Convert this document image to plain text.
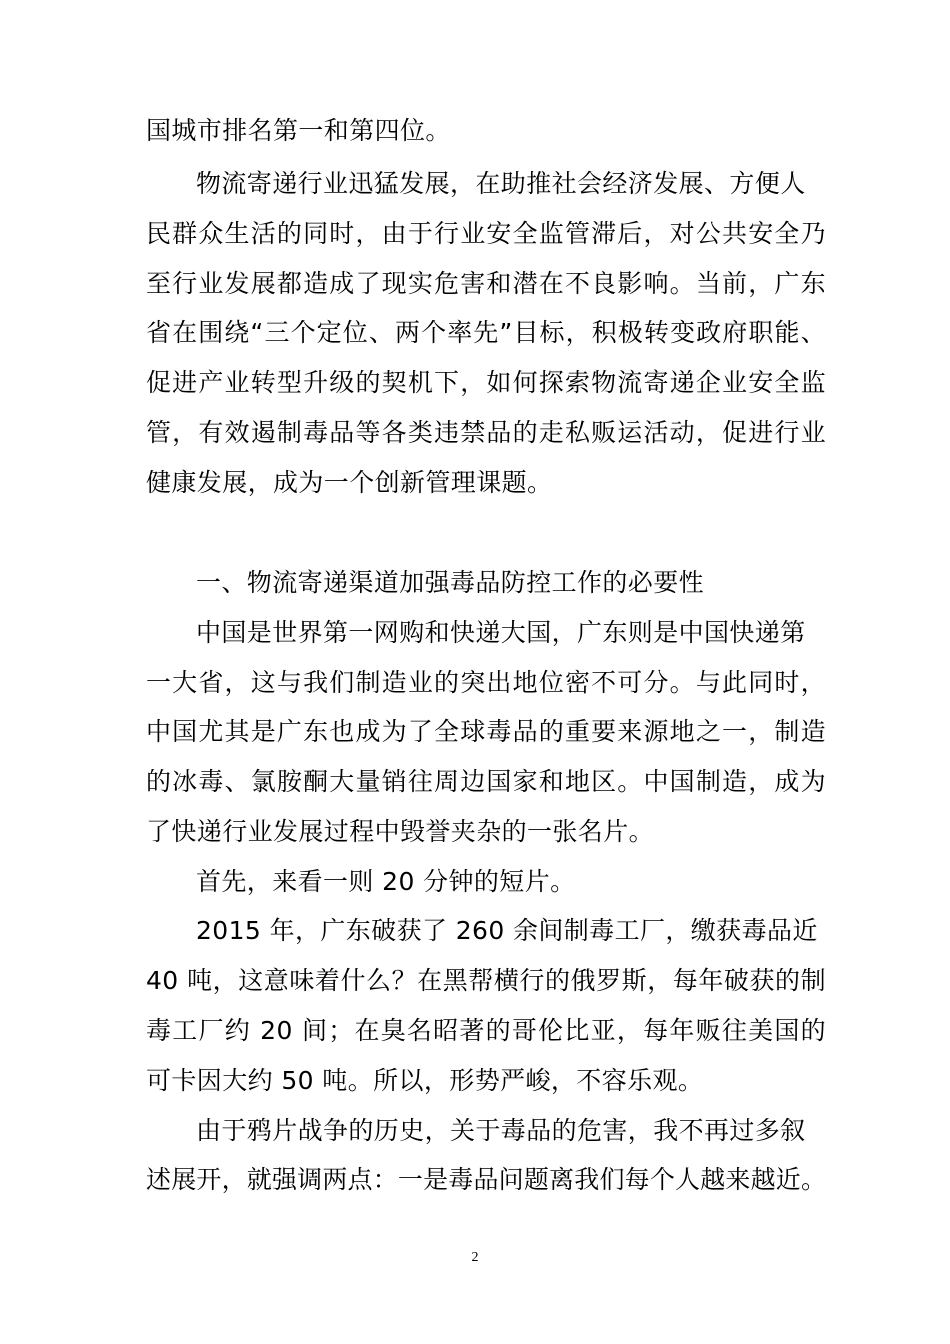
国城市排名第一和第四位。
物流寄递行业迅猛发展，在助推社会经济发展、方便人
民群众生活的同时，由于行业安全监管滞后，对公共安全乃
至行业发展都造成了现实危害和潜在不良影响。当前，广东
省在围绕“三个定位、两个率先”目标，积极转变政府职能、
促进产业转型升级的契机下，如何探索物流寄递企业安全监
管，有效遏制毒品等各类违禁品的走私贩运活动，促进行业
健康发展，成为一个创新管理课题。
一、物流寄递渠道加强毒品防控工作的必要性
中国是世界第一网购和快递大国，广东则是中国快递第
一大省，这与我们制造业的突出地位密不可分。与此同时，
中国尤其是广东也成为了全球毒品的重要来源地之一，制造
的冰毒、氯胺酮大量销往周边国家和地区。中国制造，成为
了快递行业发展过程中毁誉夹杂的一张名片。
首先，来看一则 20 分钟的短片。
2015 年，广东破获了 260 余间制毒工厂，缴获毒品近
40 吨，这意味着什么？在黑帮横行的俄罗斯，每年破获的制
毒工厂约 20 间；在臭名昭著的哥伦比亚，每年贩往美国的
可卡因大约 50 吨。所以，形势严峻，不容乐观。
由于鸦片战争的历史，关于毒品的危害，我不再过多叙
述展开，就强调两点：一是毒品问题离我们每个人越来越近。
2
